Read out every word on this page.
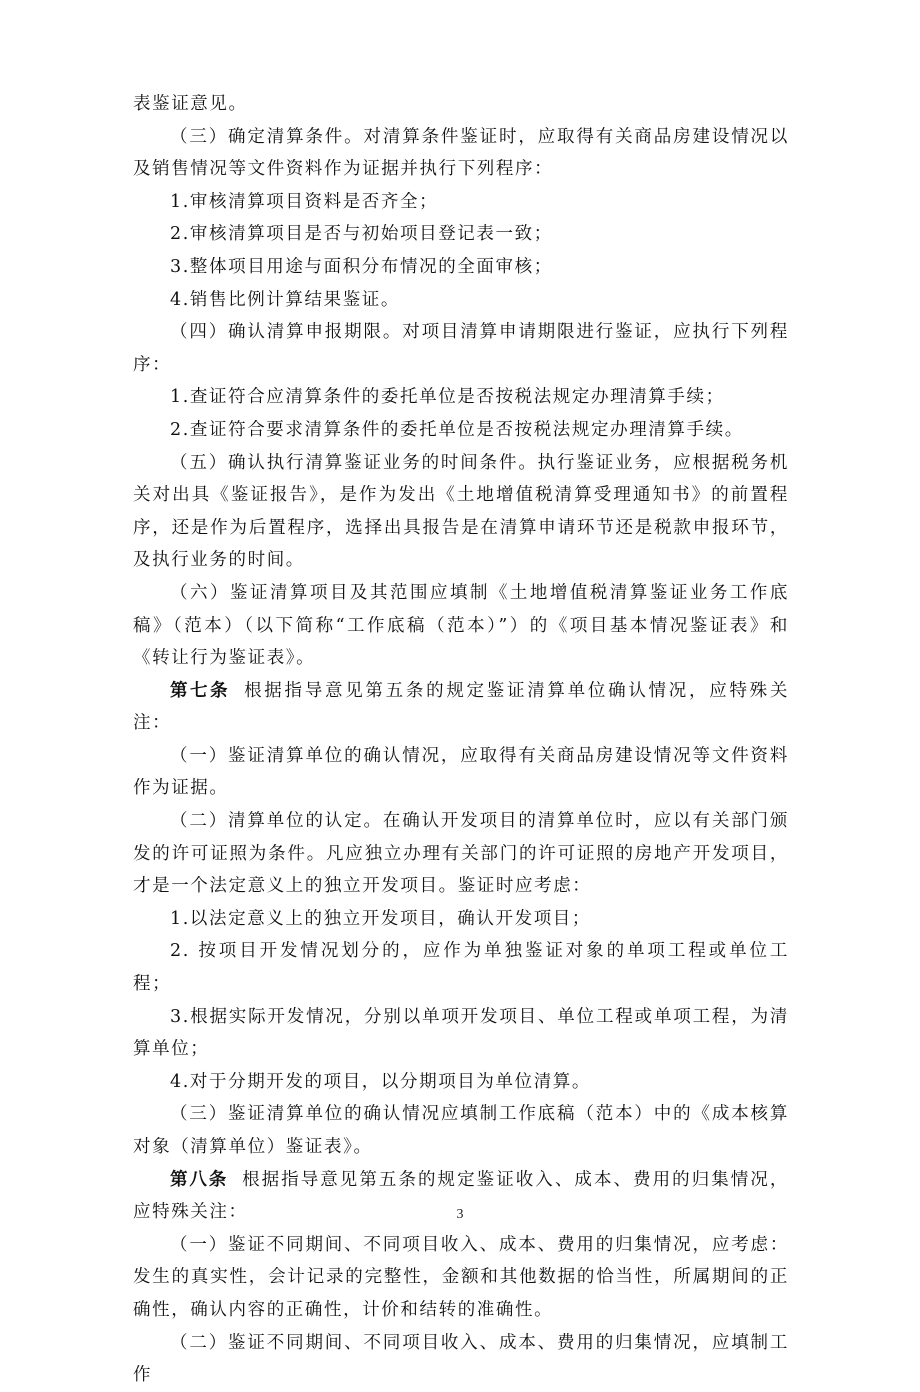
表鉴证意见。

（三）确定清算条件。对清算条件鉴证时，应取得有关商品房建设情况以及销售情况等文件资料作为证据并执行下列程序：

1.审核清算项目资料是否齐全；

2.审核清算项目是否与初始项目登记表一致；

3.整体项目用途与面积分布情况的全面审核；

4.销售比例计算结果鉴证。

（四）确认清算申报期限。对项目清算申请期限进行鉴证，应执行下列程序：

1.查证符合应清算条件的委托单位是否按税法规定办理清算手续；

2.查证符合要求清算条件的委托单位是否按税法规定办理清算手续。

（五）确认执行清算鉴证业务的时间条件。执行鉴证业务，应根据税务机关对出具《鉴证报告》，是作为发出《土地增值税清算受理通知书》的前置程序，还是作为后置程序，选择出具报告是在清算申请环节还是税款申报环节，及执行业务的时间。

（六）鉴证清算项目及其范围应填制《土地增值税清算鉴证业务工作底稿》（范本）（以下简称“工作底稿（范本）”）的《项目基本情况鉴证表》和《转让行为鉴证表》。

第七条 根据指导意见第五条的规定鉴证清算单位确认情况，应特殊关注：

（一）鉴证清算单位的确认情况，应取得有关商品房建设情况等文件资料作为证据。

（二）清算单位的认定。在确认开发项目的清算单位时，应以有关部门颁发的许可证照为条件。凡应独立办理有关部门的许可证照的房地产开发项目，才是一个法定意义上的独立开发项目。鉴证时应考虑：

1.以法定意义上的独立开发项目，确认开发项目；

2. 按项目开发情况划分的，应作为单独鉴证对象的单项工程或单位工程；

3.根据实际开发情况，分别以单项开发项目、单位工程或单项工程，为清算单位；

4.对于分期开发的项目，以分期项目为单位清算。

（三）鉴证清算单位的确认情况应填制工作底稿（范本）中的《成本核算对象（清算单位）鉴证表》。

第八条 根据指导意见第五条的规定鉴证收入、成本、费用的归集情况，应特殊关注：

（一）鉴证不同期间、不同项目收入、成本、费用的归集情况，应考虑：发生的真实性，会计记录的完整性，金额和其他数据的恰当性，所属期间的正确性，确认内容的正确性，计价和结转的准确性。

（二）鉴证不同期间、不同项目收入、成本、费用的归集情况，应填制工作

3
